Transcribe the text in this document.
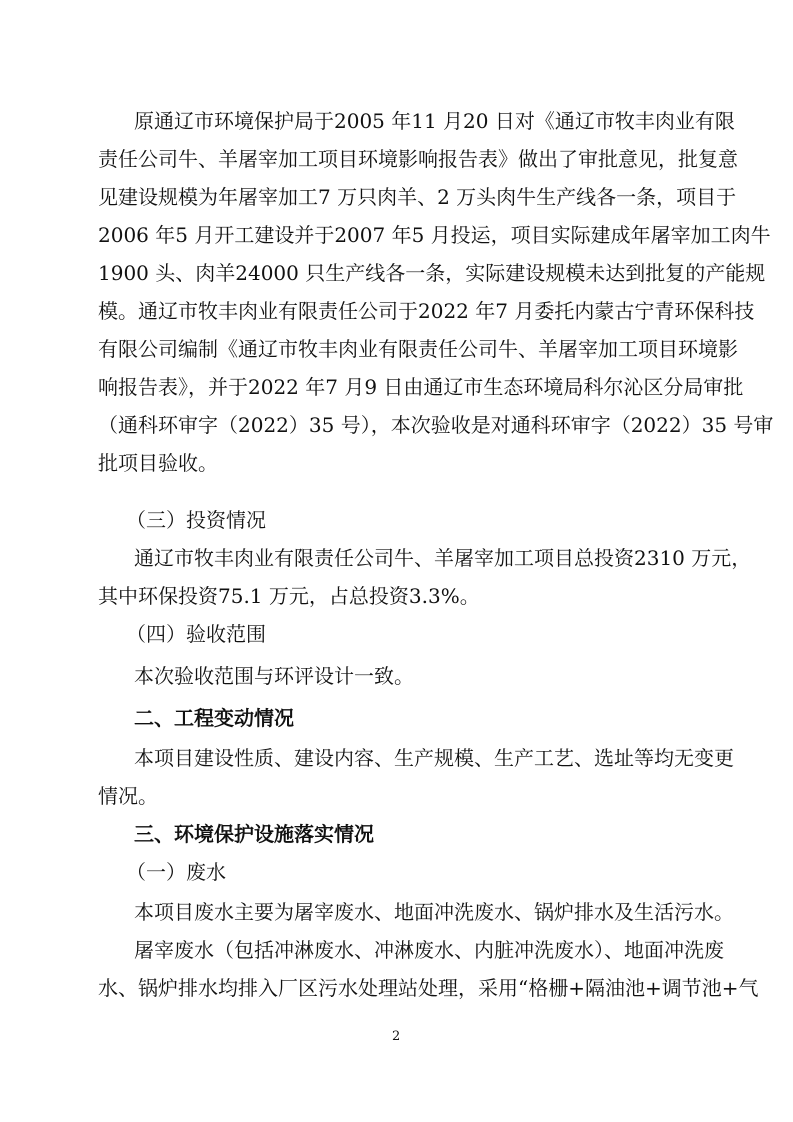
原通辽市环境保护局于2005 年11 月20 日对《通辽市牧丰肉业有限
责任公司牛、羊屠宰加工项目环境影响报告表》做出了审批意见，批复意
见建设规模为年屠宰加工7 万只肉羊、2 万头肉牛生产线各一条，项目于
2006 年5 月开工建设并于2007 年5 月投运，项目实际建成年屠宰加工肉牛
1900 头、肉羊24000 只生产线各一条，实际建设规模未达到批复的产能规
模。通辽市牧丰肉业有限责任公司于2022 年7 月委托内蒙古宁青环保科技
有限公司编制《通辽市牧丰肉业有限责任公司牛、羊屠宰加工项目环境影
响报告表》，并于2022 年7 月9 日由通辽市生态环境局科尔沁区分局审批
（通科环审字（2022）35 号），本次验收是对通科环审字（2022）35 号审
批项目验收。
（三）投资情况
通辽市牧丰肉业有限责任公司牛、羊屠宰加工项目总投资2310 万元，
其中环保投资75.1 万元，占总投资3.3%。
（四）验收范围
本次验收范围与环评设计一致。
二、工程变动情况
本项目建设性质、建设内容、生产规模、生产工艺、选址等均无变更
情况。
三、环境保护设施落实情况
（一）废水
本项目废水主要为屠宰废水、地面冲洗废水、锅炉排水及生活污水。
屠宰废水（包括冲淋废水、冲淋废水、内脏冲洗废水）、地面冲洗废
水、锅炉排水均排入厂区污水处理站处理，采用“格栅+隔油池+调节池+气
2
